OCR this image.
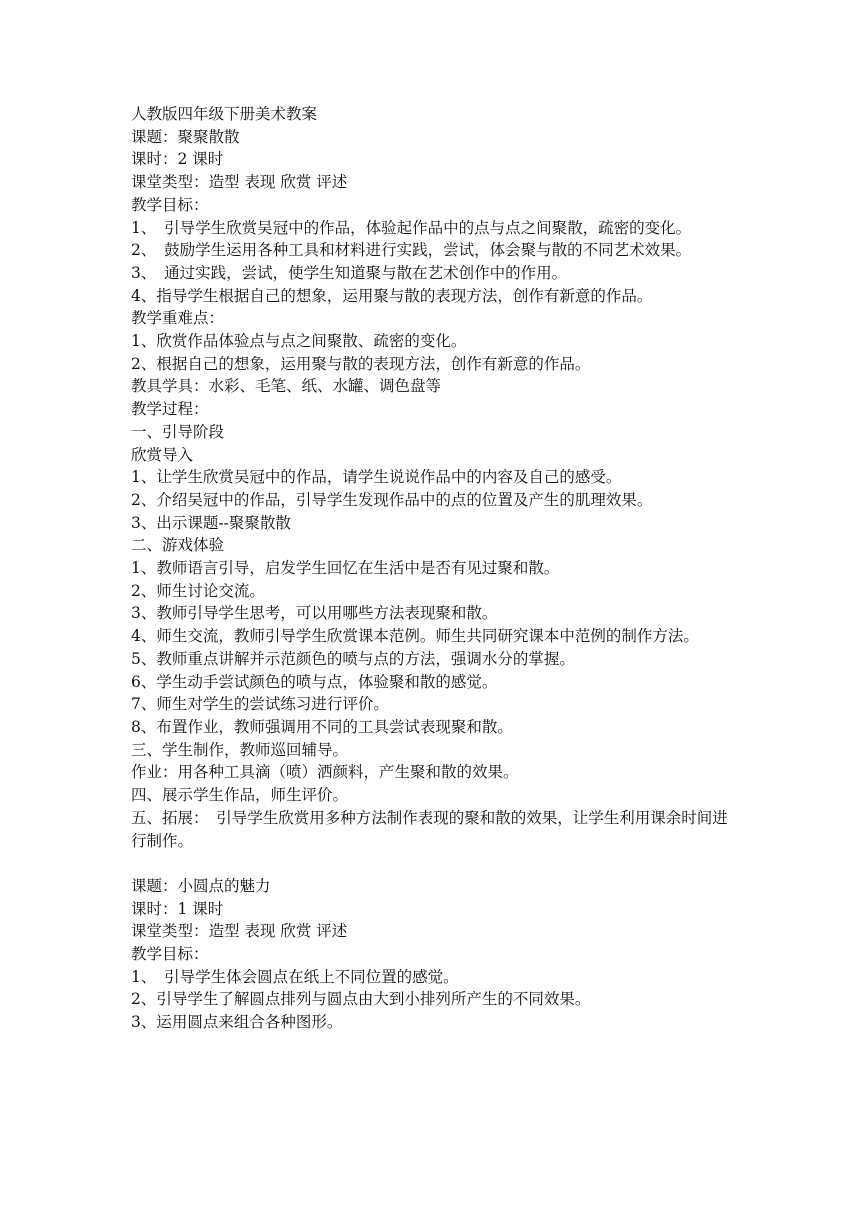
人教版四年级下册美术教案
课题：聚聚散散
课时：2 课时
课堂类型：造型 表现 欣赏 评述
教学目标：
1、　引导学生欣赏吴冠中的作品，体验起作品中的点与点之间聚散，疏密的变化。
2、　鼓励学生运用各种工具和材料进行实践，尝试，体会聚与散的不同艺术效果。
3、　通过实践，尝试，使学生知道聚与散在艺术创作中的作用。
4、指导学生根据自己的想象，运用聚与散的表现方法，创作有新意的作品。
教学重难点：
1、欣赏作品体验点与点之间聚散、疏密的变化。
2、根据自己的想象，运用聚与散的表现方法，创作有新意的作品。
教具学具：水彩、毛笔、纸、水罐、调色盘等
教学过程：
一、引导阶段
欣赏导入
1、让学生欣赏吴冠中的作品，请学生说说作品中的内容及自己的感受。
2、介绍吴冠中的作品，引导学生发现作品中的点的位置及产生的肌理效果。
3、出示课题--聚聚散散
二、游戏体验
1、教师语言引导，启发学生回忆在生活中是否有见过聚和散。
2、师生讨论交流。
3、教师引导学生思考，可以用哪些方法表现聚和散。
4、师生交流，教师引导学生欣赏课本范例。师生共同研究课本中范例的制作方法。
5、教师重点讲解并示范颜色的喷与点的方法，强调水分的掌握。
6、学生动手尝试颜色的喷与点，体验聚和散的感觉。
7、师生对学生的尝试练习进行评价。
8、布置作业，教师强调用不同的工具尝试表现聚和散。
三、学生制作，教师巡回辅导。
作业：用各种工具滴（喷）洒颜料，产生聚和散的效果。
四、展示学生作品，师生评价。
五、拓展：　引导学生欣赏用多种方法制作表现的聚和散的效果，让学生利用课余时间进行制作。
课题：小圆点的魅力
课时：1 课时
课堂类型：造型 表现 欣赏 评述
教学目标：
1、　引导学生体会圆点在纸上不同位置的感觉。
2、引导学生了解圆点排列与圆点由大到小排列所产生的不同效果。
3、运用圆点来组合各种图形。
